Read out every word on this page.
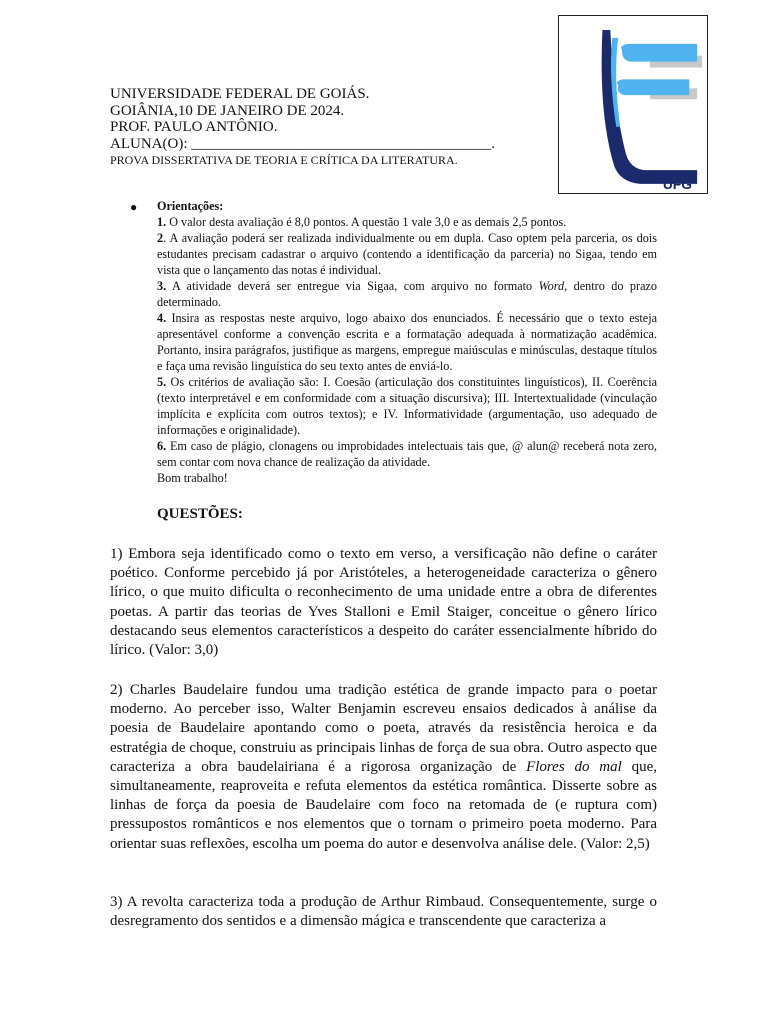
UFG
UNIVERSIDADE FEDERAL DE GOIÁS.
GOIÂNIA,10 DE JANEIRO DE 2024.
PROF. PAULO ANTÔNIO.
ALUNA(O): ________________________________________.
PROVA DISSERTATIVA DE TEORIA E CRÍTICA DA LITERATURA.
● Orientações:

1. O valor desta avaliação é 8,0 pontos. A questão 1 vale 3,0 e as demais 2,5 pontos.

2. A avaliação poderá ser realizada individualmente ou em dupla. Caso optem pela parceria, os dois estudantes precisam cadastrar o arquivo (contendo a identificação da parceria) no Sigaa, tendo em vista que o lançamento das notas é individual.

3. A atividade deverá ser entregue via Sigaa, com arquivo no formato Word, dentro do prazo determinado.

4. Insira as respostas neste arquivo, logo abaixo dos enunciados. É necessário que o texto esteja apresentável conforme a convenção escrita e a formatação adequada à normatização acadêmica. Portanto, insira parágrafos, justifique as margens, empregue maiúsculas e minúsculas, destaque títulos e faça uma revisão linguística do seu texto antes de enviá-lo.

5. Os critérios de avaliação são: I. Coesão (articulação dos constituintes linguísticos), II. Coerência (texto interpretável e em conformidade com a situação discursiva); III. Intertextualidade (vinculação implícita e explícita com outros textos); e IV. Informatividade (argumentação, uso adequado de informações e originalidade).

6. Em caso de plágio, clonagens ou improbidades intelectuais tais que, @ alun@ receberá nota zero, sem contar com nova chance de realização da atividade.

Bom trabalho!

QUESTÕES:

1) Embora seja identificado como o texto em verso, a versificação não define o caráter poético. Conforme percebido já por Aristóteles, a heterogeneidade caracteriza o gênero lírico, o que muito dificulta o reconhecimento de uma unidade entre a obra de diferentes poetas. A partir das teorias de Yves Stalloni e Emil Staiger, conceitue o gênero lírico destacando seus elementos característicos a despeito do caráter essencialmente híbrido do lírico. (Valor: 3,0)

2) Charles Baudelaire fundou uma tradição estética de grande impacto para o poetar moderno. Ao perceber isso, Walter Benjamin escreveu ensaios dedicados à análise da poesia de Baudelaire apontando como o poeta, através da resistência heroica e da estratégia de choque, construiu as principais linhas de força de sua obra. Outro aspecto que caracteriza a obra baudelairiana é a rigorosa organização de Flores do mal que, simultaneamente, reaproveita e refuta elementos da estética romântica. Disserte sobre as linhas de força da poesia de Baudelaire com foco na retomada de (e ruptura com) pressupostos românticos e nos elementos que o tornam o primeiro poeta moderno. Para orientar suas reflexões, escolha um poema do autor e desenvolva análise dele. (Valor: 2,5)

3) A revolta caracteriza toda a produção de Arthur Rimbaud. Consequentemente, surge o desregramento dos sentidos e a dimensão mágica e transcendente que caracteriza a
